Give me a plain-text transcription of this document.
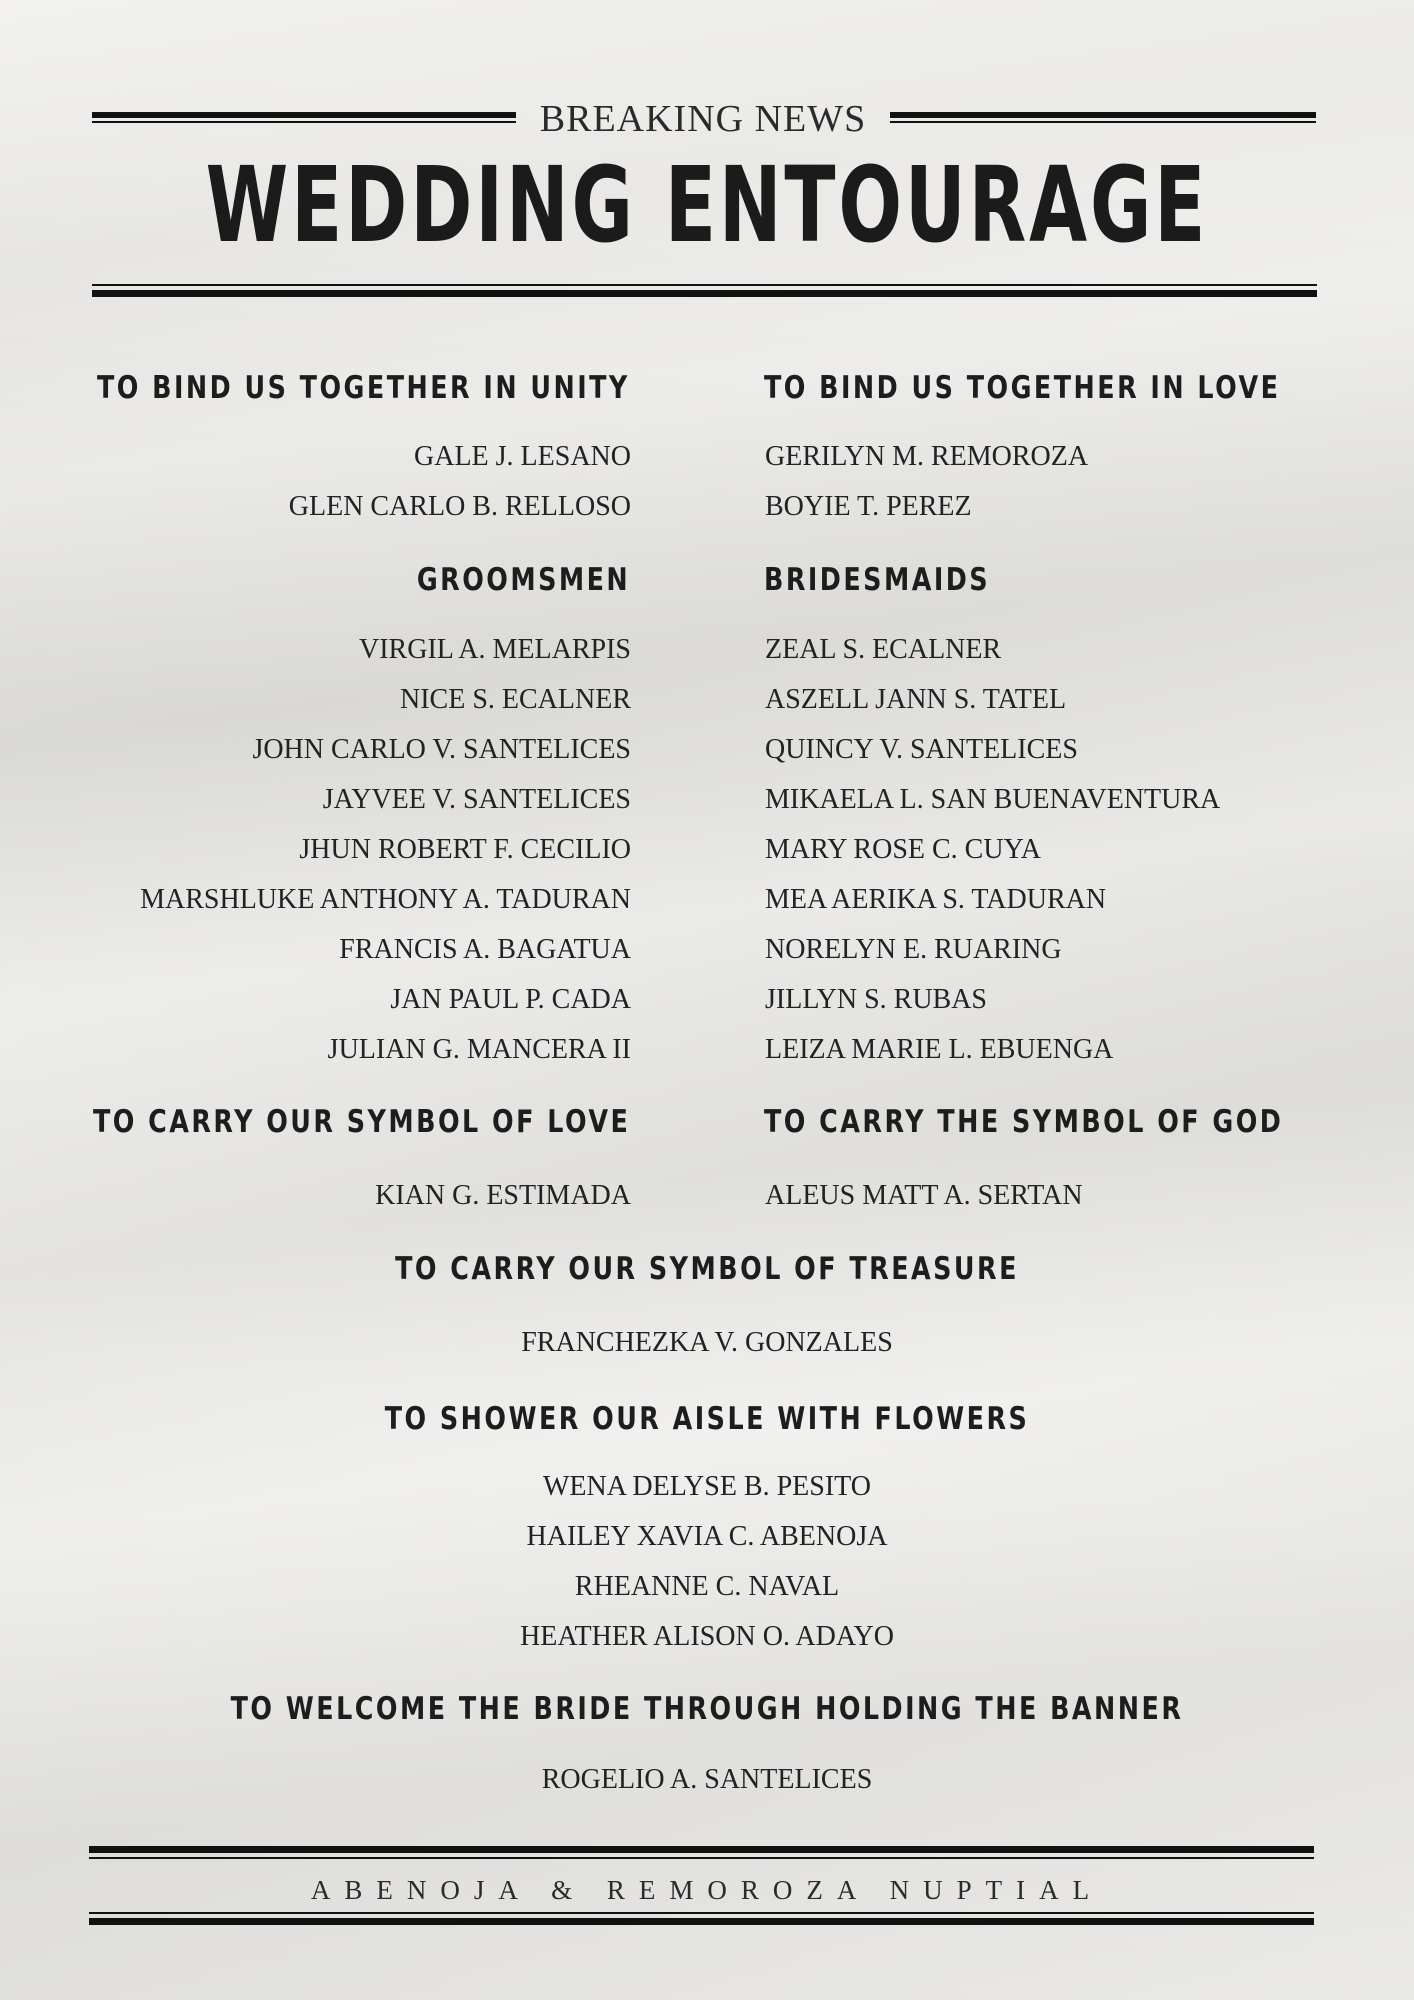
BREAKING NEWS
WEDDING ENTOURAGE
TO BIND US TOGETHER IN UNITY
GALE J. LESANO
GLEN CARLO B. RELLOSO
TO BIND US TOGETHER IN LOVE
GERILYN M. REMOROZA
BOYIE T. PEREZ
GROOMSMEN
VIRGIL A. MELARPIS
NICE S. ECALNER
JOHN CARLO V. SANTELICES
JAYVEE V. SANTELICES
JHUN ROBERT F. CECILIO
MARSHLUKE ANTHONY A. TADURAN
FRANCIS A. BAGATUA
JAN PAUL P. CADA
JULIAN G. MANCERA II
BRIDESMAIDS
ZEAL S. ECALNER
ASZELL JANN S. TATEL
QUINCY V. SANTELICES
MIKAELA L. SAN BUENAVENTURA
MARY ROSE C. CUYA
MEA AERIKA S. TADURAN
NORELYN E. RUARING
JILLYN S. RUBAS
LEIZA MARIE L. EBUENGA
TO CARRY OUR SYMBOL OF LOVE
KIAN G. ESTIMADA
TO CARRY THE SYMBOL OF GOD
ALEUS MATT A. SERTAN
TO CARRY OUR SYMBOL OF TREASURE
FRANCHEZKA V. GONZALES
TO SHOWER OUR AISLE WITH FLOWERS
WENA DELYSE B. PESITO
HAILEY XAVIA C. ABENOJA
RHEANNE C. NAVAL
HEATHER ALISON O. ADAYO
TO WELCOME THE BRIDE THROUGH HOLDING THE BANNER
ROGELIO A. SANTELICES
ABENOJA & REMOROZA NUPTIAL
